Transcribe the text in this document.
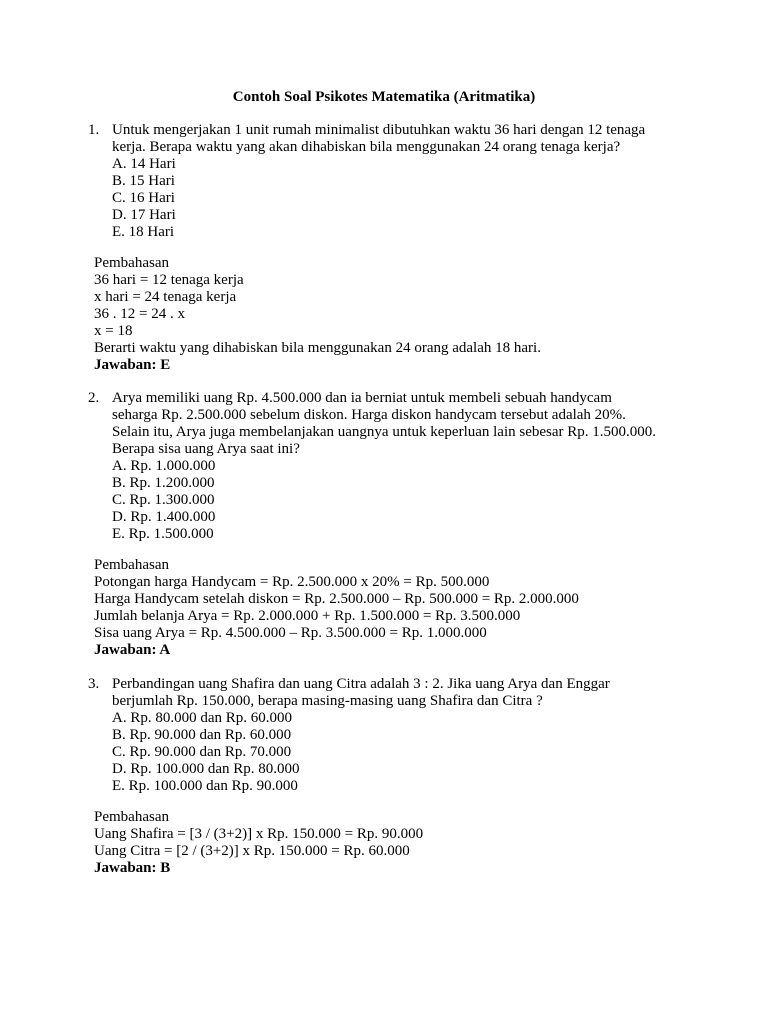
Contoh Soal Psikotes Matematika (Aritmatika)
1. Untuk mengerjakan 1 unit rumah minimalist dibutuhkan waktu 36 hari dengan 12 tenaga
kerja. Berapa waktu yang akan dihabiskan bila menggunakan 24 orang tenaga kerja?
A. 14 Hari
B. 15 Hari
C. 16 Hari
D. 17 Hari
E. 18 Hari
Pembahasan
36 hari = 12 tenaga kerja
x hari = 24 tenaga kerja
36 . 12 = 24 . x
x = 18
Berarti waktu yang dihabiskan bila menggunakan 24 orang adalah 18 hari.
Jawaban: E
2. Arya memiliki uang Rp. 4.500.000 dan ia berniat untuk membeli sebuah handycam
seharga Rp. 2.500.000 sebelum diskon. Harga diskon handycam tersebut adalah 20%.
Selain itu, Arya juga membelanjakan uangnya untuk keperluan lain sebesar Rp. 1.500.000.
Berapa sisa uang Arya saat ini?
A. Rp. 1.000.000
B. Rp. 1.200.000
C. Rp. 1.300.000
D. Rp. 1.400.000
E. Rp. 1.500.000
Pembahasan
Potongan harga Handycam = Rp. 2.500.000 x 20% = Rp. 500.000
Harga Handycam setelah diskon = Rp. 2.500.000 – Rp. 500.000 = Rp. 2.000.000
Jumlah belanja Arya = Rp. 2.000.000 + Rp. 1.500.000 = Rp. 3.500.000
Sisa uang Arya = Rp. 4.500.000 – Rp. 3.500.000 = Rp. 1.000.000
Jawaban: A
3. Perbandingan uang Shafira dan uang Citra adalah 3 : 2. Jika uang Arya dan Enggar
berjumlah Rp. 150.000, berapa masing-masing uang Shafira dan Citra ?
A. Rp. 80.000 dan Rp. 60.000
B. Rp. 90.000 dan Rp. 60.000
C. Rp. 90.000 dan Rp. 70.000
D. Rp. 100.000 dan Rp. 80.000
E. Rp. 100.000 dan Rp. 90.000
Pembahasan
Uang Shafira = [3 / (3+2)] x Rp. 150.000 = Rp. 90.000
Uang Citra = [2 / (3+2)] x Rp. 150.000 = Rp. 60.000
Jawaban: B
